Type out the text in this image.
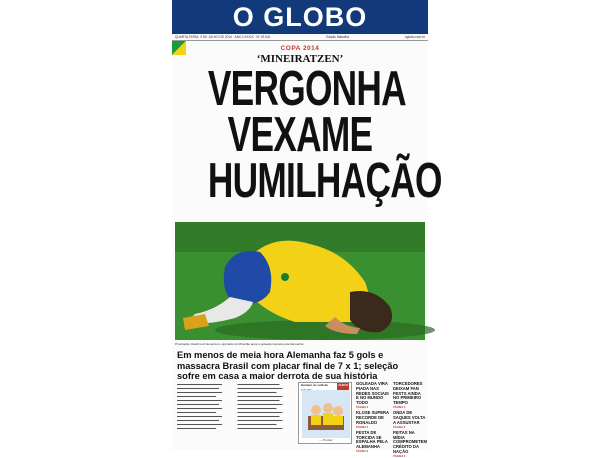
O GLOBO
QUARTA-FEIRA, 9 DE JULHO DE 2014 · ANO LXXXIX · Nº 29.541	Edição Matutina	oglobo.com.br
COPA 2014
‘MINEIRATZEN’
VERGONHA
VEXAME
HUMILHAÇÃO
Prostração. David Luiz lamenta no gramado do Mineirão após a goleada imposta pela Alemanha
Em menos de meia hora Alemanha faz 5 gols e massacra Brasil com placar final de 7 x 1; seleção sofre em casa a maior derrota de sua história
▬▬▬▬▬▬▬▬▬▬▬▬▬▬▬ ▬▬▬▬▬▬▬▬▬▬▬▬▬▬ ▬▬▬▬▬▬▬▬▬▬▬▬▬▬▬ ▬▬▬▬▬▬▬▬▬▬▬▬▬ ▬▬▬▬▬▬▬▬▬▬▬▬▬▬▬ ▬▬▬▬▬▬▬▬▬▬▬▬▬▬ ▬▬▬▬▬▬▬▬▬▬▬▬▬▬▬ ▬▬▬▬▬▬▬▬▬▬▬▬▬ ▬▬▬▬▬▬▬▬▬▬▬▬▬▬▬ ▬▬▬▬▬▬▬▬▬▬▬▬▬▬ ▬▬▬▬▬▬▬▬▬▬▬▬▬▬▬ ▬▬▬▬▬▬▬▬▬▬▬▬▬
▬▬▬▬▬▬▬▬▬▬▬▬▬▬ ▬▬▬▬▬▬▬▬▬▬▬▬▬▬▬ ▬▬▬▬▬▬▬▬▬▬▬▬▬ ▬▬▬▬▬▬▬▬▬▬▬▬▬▬▬ ▬▬▬▬▬▬▬▬▬▬▬▬▬▬ ▬▬▬▬▬▬▬▬▬▬▬▬▬▬▬ ▬▬▬▬▬▬▬▬▬▬▬▬▬ ▬▬▬▬▬▬▬▬▬▬▬▬▬▬▬ ▬▬▬▬▬▬▬▬▬▬▬▬▬▬ ▬▬▬▬▬▬▬▬▬▬▬▬▬▬▬ ▬▬▬▬▬▬▬▬▬▬▬▬▬ ▬▬▬▬▬▬▬▬▬▬▬▬▬▬▬
Homem no sofá da	CHICO
— Pronto!
GOLEADA VIRA PIADA NAS REDES SOCIAIS E NO MUNDO TODO
PÁGINA 3
KLOSE SUPERA RECORDE DE RONALDO
PÁGINA 5
FESTA DE TORCIDA SE ESPALHA PELA ALEMANHA
PÁGINA 6
TORCEDORES DEIXAM FAN FESTS AINDA NO PRIMEIRO TEMPO
PÁGINA 4
ONDA DE SAQUES VOLTA A ASSUSTAR
PÁGINA 8
FEITAS NA MÍDIA COMPROMETEM CRÉDITO DA NAÇÃO
PÁGINA 9
